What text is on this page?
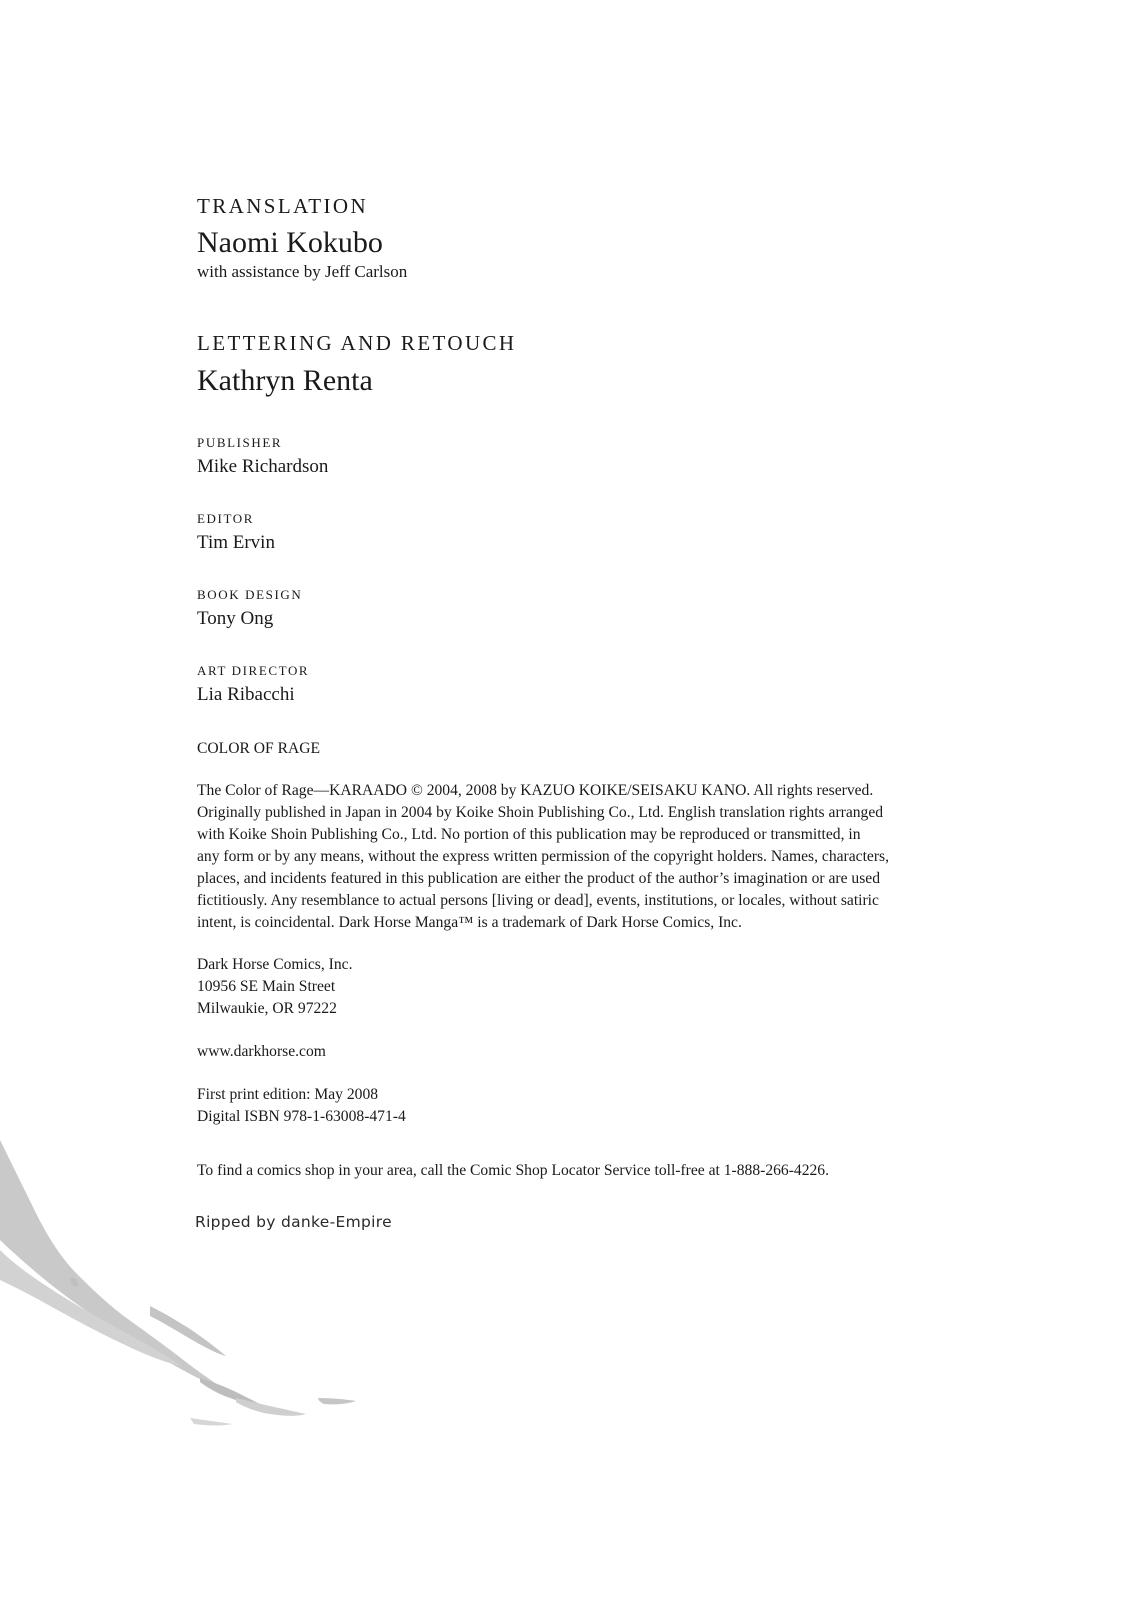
TRANSLATION
Naomi Kokubo
with assistance by Jeff Carlson
LETTERING AND RETOUCH
Kathryn Renta
PUBLISHER
Mike Richardson
EDITOR
Tim Ervin
BOOK DESIGN
Tony Ong
ART DIRECTOR
Lia Ribacchi
COLOR OF RAGE
The Color of Rage—KARAADO © 2004, 2008 by KAZUO KOIKE/SEISAKU KANO. All rights reserved.
Originally published in Japan in 2004 by Koike Shoin Publishing Co., Ltd. English translation rights arranged
with Koike Shoin Publishing Co., Ltd. No portion of this publication may be reproduced or transmitted, in
any form or by any means, without the express written permission of the copyright holders. Names, characters,
places, and incidents featured in this publication are either the product of the author’s imagination or are used
fictitiously. Any resemblance to actual persons [living or dead], events, institutions, or locales, without satiric
intent, is coincidental. Dark Horse Manga™ is a trademark of Dark Horse Comics, Inc.
Dark Horse Comics, Inc.
10956 SE Main Street
Milwaukie, OR 97222
www.darkhorse.com
First print edition: May 2008
Digital ISBN 978-1-63008-471-4
To find a comics shop in your area, call the Comic Shop Locator Service toll-free at 1-888-266-4226.
Ripped by danke-Empire
